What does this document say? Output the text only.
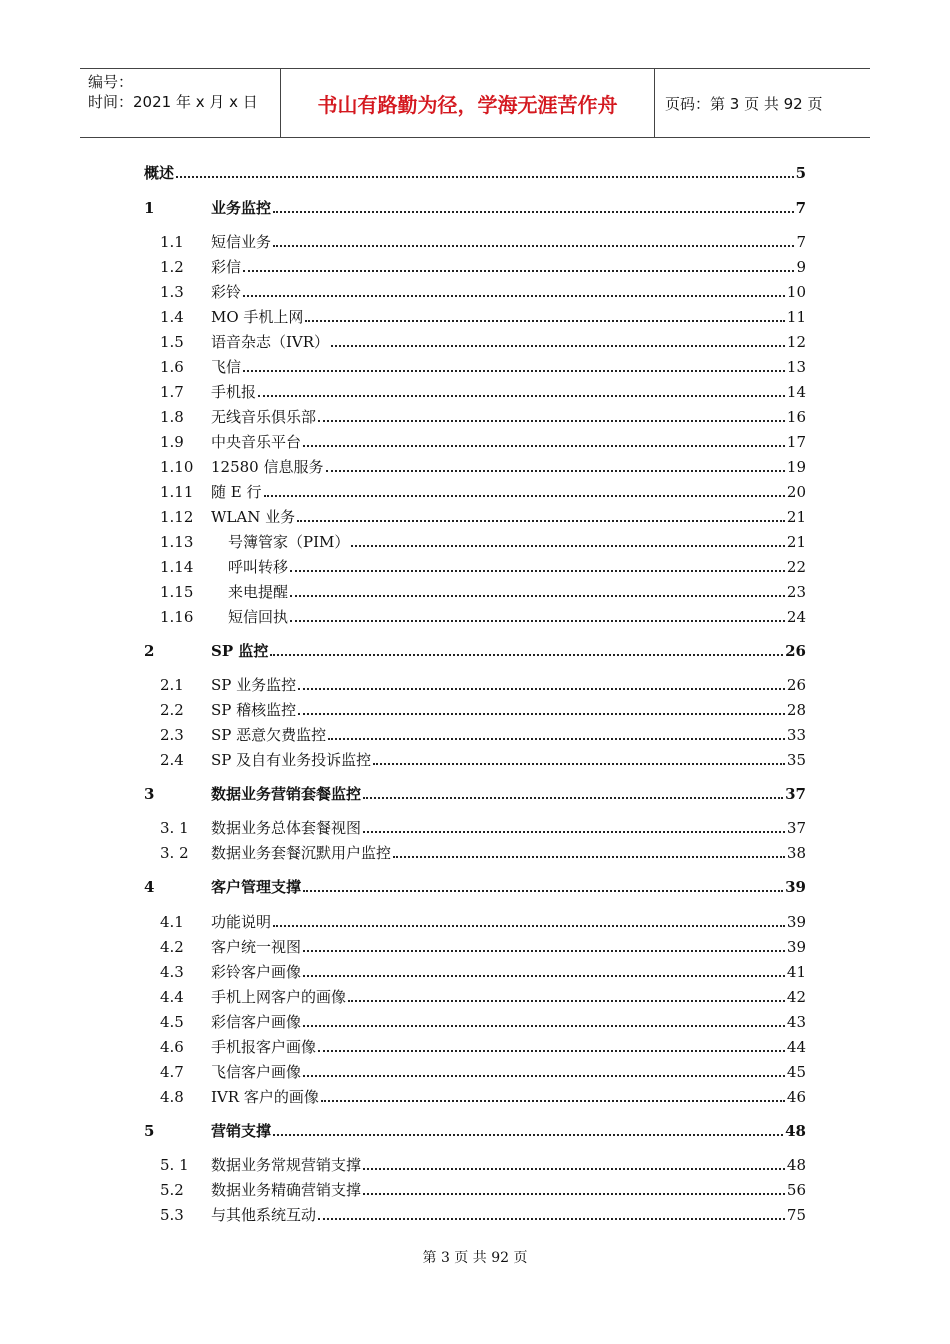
编号：
时间：2021 年 x 月 x 日	书山有路勤为径，学海无涯苦作舟	页码：第 3 页 共 92 页
概述	5
1	业务监控	7
1.1 短信业务	7
1.2 彩信	9
1.3 彩铃	10
1.4 MO 手机上网	11
1.5 语音杂志（IVR）	12
1.6 飞信	13
1.7 手机报	14
1.8 无线音乐俱乐部	16
1.9 中央音乐平台	17
1.10 12580 信息服务	19
1.11 随 E 行	20
1.12 WLAN 业务	21
1.13 号簿管家（PIM）	21
1.14 呼叫转移	22
1.15 来电提醒	23
1.16 短信回执	24
2	SP 监控	26
2.1 SP 业务监控	26
2.2 SP 稽核监控	28
2.3 SP 恶意欠费监控	33
2.4 SP 及自有业务投诉监控	35
3	数据业务营销套餐监控	37
3. 1 数据业务总体套餐视图	37
3. 2 数据业务套餐沉默用户监控	38
4	客户管理支撑	39
4.1 功能说明	39
4.2 客户统一视图	39
4.3 彩铃客户画像	41
4.4 手机上网客户的画像	42
4.5 彩信客户画像	43
4.6 手机报客户画像	44
4.7 飞信客户画像	45
4.8 IVR 客户的画像	46
5	营销支撑	48
5. 1 数据业务常规营销支撑	48
5.2 数据业务精确营销支撑	56
5.3 与其他系统互动	75
第 3 页 共 92 页
